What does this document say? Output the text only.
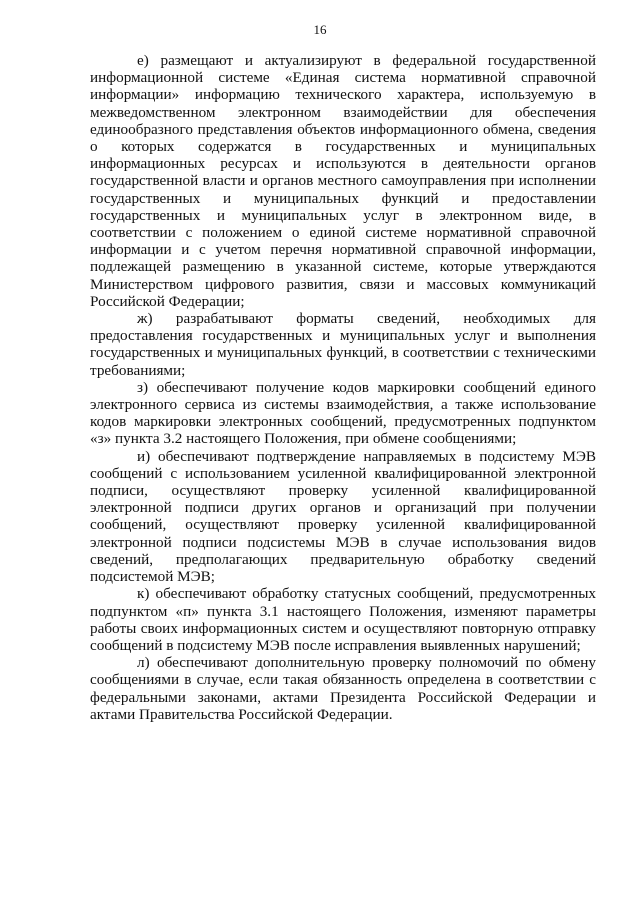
16

е) размещают и актуализируют в федеральной государственной информационной системе «Единая система нормативной справочной информации» информацию технического характера, используемую в межведомственном электронном взаимодействии для обеспечения единообразного представления объектов информационного обмена, сведения о которых содержатся в государственных и муниципальных информационных ресурсах и используются в деятельности органов государственной власти и органов местного самоуправления при исполнении государственных и муниципальных функций и предоставлении государственных и муниципальных услуг в электронном виде, в соответствии с положением о единой системе нормативной справочной информации и с учетом перечня нормативной справочной информации, подлежащей размещению в указанной системе, которые утверждаются Министерством цифрового развития, связи и массовых коммуникаций Российской Федерации;

ж) разрабатывают форматы сведений, необходимых для предоставления государственных и муниципальных услуг и выполнения государственных и муниципальных функций, в соответствии с техническими требованиями;

з) обеспечивают получение кодов маркировки сообщений единого электронного сервиса из системы взаимодействия, а также использование кодов маркировки электронных сообщений, предусмотренных подпунктом «з» пункта 3.2 настоящего Положения, при обмене сообщениями;

и) обеспечивают подтверждение направляемых в подсистему МЭВ сообщений с использованием усиленной квалифицированной электронной подписи, осуществляют проверку усиленной квалифицированной электронной подписи других органов и организаций при получении сообщений, осуществляют проверку усиленной квалифицированной электронной подписи подсистемы МЭВ в случае использования видов сведений, предполагающих предварительную обработку сведений подсистемой МЭВ;

к) обеспечивают обработку статусных сообщений, предусмотренных подпунктом «п» пункта 3.1 настоящего Положения, изменяют параметры работы своих информационных систем и осуществляют повторную отправку сообщений в подсистему МЭВ после исправления выявленных нарушений;

л) обеспечивают дополнительную проверку полномочий по обмену сообщениями в случае, если такая обязанность определена в соответствии с федеральными законами, актами Президента Российской Федерации и актами Правительства Российской Федерации.
